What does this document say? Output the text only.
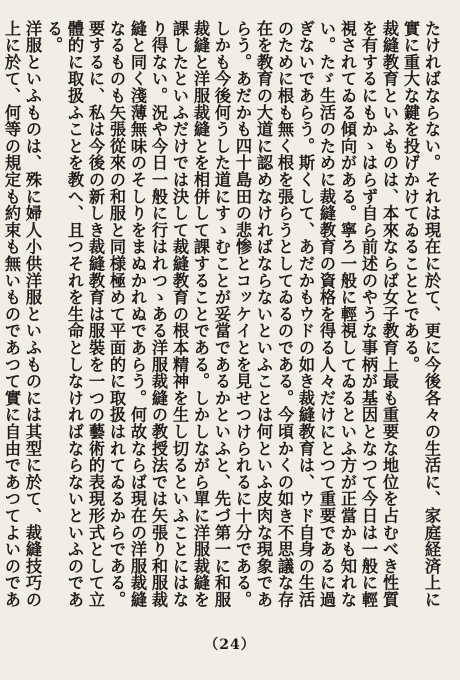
たければならない。それは現在に於て、更に今後各々の生活に、家庭経済上に實に重大な鍵を投げかけてゐることとである。

裁縫教育といふものは、本來ならば女子教育上最も重要な地位を占むべき性質を有するにもかゝはらず自ら前述のやうな事柄が基因となつて今日は一般に輕視されてゐる傾向がある。寧ろ一般に輕視してゐるといふ方が正當かも知れない。たゞ生活のために裁縫教育の資格を得る人々だけにとつて重要であるに過ぎないであらう。斯くして、あだかもウドの如き裁縫教育は、ウド自身の生活のために根も無く根を張らうとしてゐるのである。今頃かくの如き不思議な存在を教育の大道に認めなければならないといふことは何といふ皮肉な現象であらう。あだかも四十島田の悲惨とコッケイとを見せつけられるに十分である。しかも今後何うした道にすゝむことが妥當であるかといふと、先づ第一に和服裁縫と洋服裁縫とを相併して課することである。しかしながら單に洋服裁縫を課したといふだけでは決して裁縫教育の根本精神を生し切るといふことにはなり得ない。況や今日一般に行はれつゝある洋服裁縫の教授法では矢張り和服裁縫と同く淺薄無味のそしりをまぬかれぬであらう。何故ならば現在の洋服裁縫なるものも矢張從來の和服と同様極めて平面的に取扱はれてゐるからである。要するに、私は今後の新しき裁縫教育は服裝を一つの藝術的表現形式として立體的に取扱ふことを教へ、且つそれを生命としなければならないといふのである。

洋服といふものは、殊に婦人小供洋服といふものには其型に於て、裁縫技巧の上に於て、何等の規定も約束も無いものであつて實に自由であつてよいのであ

（24）
